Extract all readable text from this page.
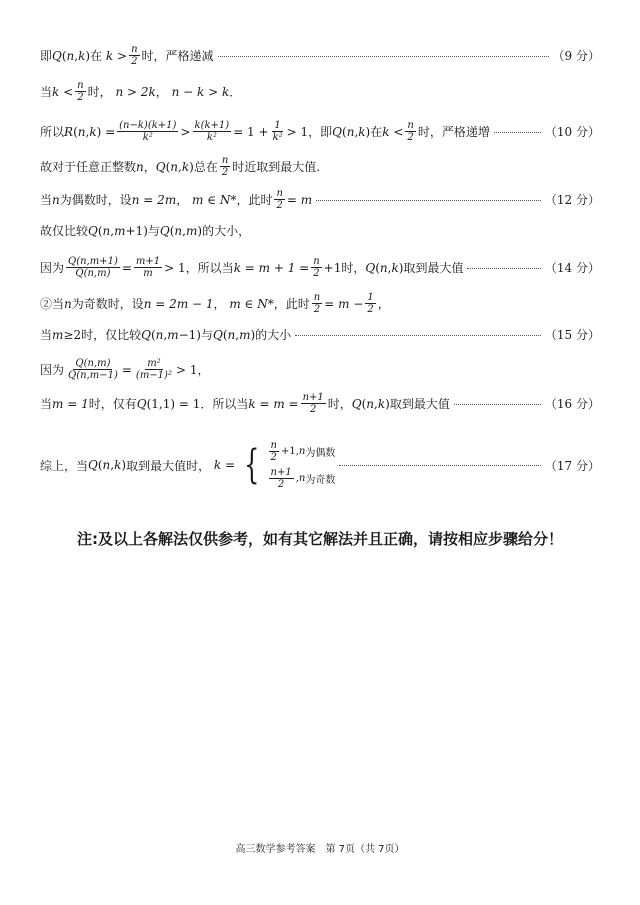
即 Q ( n , k ) 在 $k > \frac{n}{2}$ 时，严格递减	（9 分）
当 $k < \frac{n}{2}$ 时， n > 2k ， n − k > k ．
所以 R ( n , k ) = $\frac{(n-k)(k+1)}{\text{k²}} > \frac{k(k+1)}{\text{k²}} = 1 + \frac{1}{\text{k²}} > 1$ ，即 Q ( n , k ) 在 $k < \frac{n}{2}$ 时，严格递增	（10 分）
故对于任意正整数 n ， Q ( n , k ) 总在 $\frac{n}{2}$ 时近取到最大值.
当 n 为偶数时，设 n = 2m ， m ∈ N* ，此时 $\frac{n}{2} = m$	（12 分）
故仅比较 Q ( n , m +1) 与 Q ( n , m ) 的大小，
因为 $\frac{Q(n,m+1)}{Q(n,m)} = \frac{m+1}{m} > 1$ ，所以当 $k = m + 1 = \frac{n}{2} +1$ 时， Q ( n , k ) 取到最大值	（14 分）
②当 n 为奇数时，设 n = 2m − 1 ， m ∈ N* ，此时 $\frac{n}{2} = m - \frac{1}{2}$ ，
当 m ≥2 时，仅比较 Q ( n , m −1) 与 Q ( n , m ) 的大小	（15 分）
因为 $\frac{Q(n,m)}{Q(n,m-1)} = \frac{\text{m²}}{\text{(m−1)²}} > 1$ ，
当 m = 1 时，仅有 Q (1,1) = 1 ．所以当 $k = m = \frac{n+1}{2}$ 时， Q ( n , k ) 取到最大值	（16 分）
综上，当 Q ( n , k ) 取到最大值时， k = { $\frac{n}{2} +1$, n 为偶数
$\frac{n+1}{2}$ , n 为奇数
（17 分）
注:及以上各解法仅供参考，如有其它解法并且正确，请按相应步骤给分！
高三数学参考答案　第 7页（共 7页）
